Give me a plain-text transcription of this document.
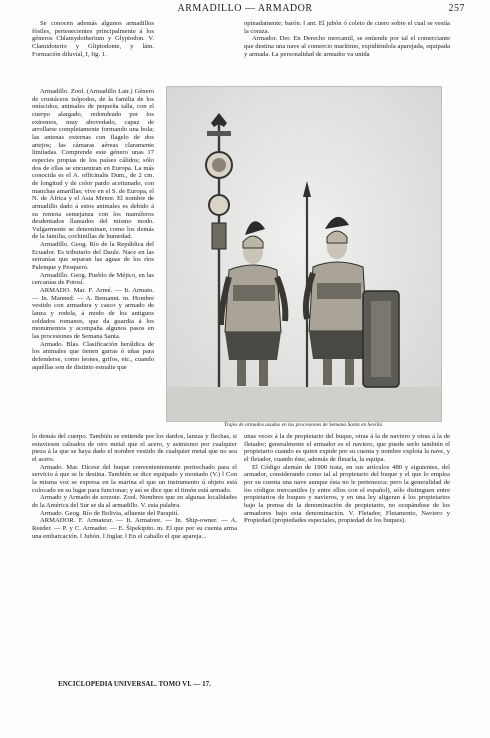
ARMADILLO — ARMADOR	257

Se conocen además algunos armadillos fósiles, pertenecientes principalmente á los géneros Chlamydotherium y Glyptodon. V. Clamidoterio y Gliptodonte, y lám. Formación diluvial, I, fig. 1.

Armadillo. Zool. (Armadillo Latr.) Género de crustáceos isópodos, de la familia de los oníscidos; animales de pequeña talla, con el cuerpo alargado, redondeado por los extremos, muy abovedado, capaz de arrollarse completamente formando una bola; las antenas externas con flagelo de dos artejos; las cámaras aéreas claramente limitadas. Comprende este género unas 17 especies propias de los países cálidos; sólo dos de ellas se encuentran en Europa. La más conocida es el A. officinalis Dum., de 2 cm. de longitud y de color pardo aceitunado, con manchas amarillas; vive en el S. de Europa, el N. de África y el Asia Menor. El nombre de armadillo dado á estos animales es debido á su remota semejanza con los mamíferos desdentados llamados del mismo modo. Vulgarmente se denominan, como los demás de la familia, cochinillas de humedad.

Armadillo. Geog. Río de la República del Ecuador. Es tributario del Daule. Nace en las serranías que separan las aguas de los ríos Palenque y Pesquero.

Armadillo. Geog. Pueblo de Méjico, en las cercanías de Potosí.

ARMADO. Mar. F. Armé. — It. Armato. — In. Manned. — A. Bemannt. m. Hombre vestido con armadura y casco y armado de lanza y rodela, á modo de los antiguos soldados romanos, que da guardia á los monumentos y acompaña algunos pasos en las procesiones de Semana Santa.

Armado. Blas. Clasificación heráldica de los animales que tienen garras ó uñas para defenderse, como leones, grifos, etc., cuando aquéllas son de distinto esmalte que

opinadamente; barón. ‖ ant. El jubón ó coleto de cuero sobre el cual se vestía la coraza.

Armador. Der. En Derecho mercantil, se entiende por tal el comerciante que destina una nave al comercio marítimo, expidiéndola aparejada, equipada y armada. La personalidad de armador va unida

Trajes de armados usados en las procesiones de Semana Santa en Sevilla

lo demás del cuerpo. También se entiende por los dardos, lanzas y flechas, si estuviesen calzados de otro metal que el acero, y asimismo por cualquier pieza á la que se haya dado el nombre vestido de cualquier metal que no sea el acero.

Armado. Mar. Dícese del buque convenientemente pertrechado para el servicio á que se le destina. También se dice equipado y montado (V.) ‖ Con la misma voz se expresa en la marina el que un instrumento ú objeto está colocado en su lugar para funcionar; y así se dice que el timón está armado.

Armado y Armado de zorzote. Zool. Nombres que en algunas localidades de la América del Sur se da al armadillo. V. esta palabra.

Armado. Geog. Río de Bolivia, afluente del Parapití.

ARMADOR. F. Armateur. — It. Armatore. — In. Ship-owner. — A. Reeder. — P. y C. Armador. — E. Ŝipekipito. m. El que por su cuenta arma una embarcación. ‖ Jubón. ‖ Juglar. ‖ En el caballo el que apareja...

unas veces á la de propietario del buque, otras á la de naviero y otras á la de fletador; generalmente el armador es el naviero, que puede serlo también el propietario cuando es quien expide por su cuenta y nombre explota la nave, y el fletador, cuando éste, además de fletarla, la equipa.

El Código alemán de 1900 trata, en sus artículos 480 y siguientes, del armador, considerando como tal al propietario del buque y el que lo emplea por su cuenta una nave aunque ésta no le pertenezca; pero la generalidad de los códigos mercantiles (y entre ellos con el español), sólo distinguen entre propietarios de buques y navieros, y en una ley aligeran á los propietarios bajo la prensa de la denominación de propietario, no ocupándose de los armadores bajo esta denominación. V. Fletador, Fletamento, Naviero y Propiedad (propiedades especiales, propiedad de los buques).

ENCICLOPEDIA UNIVERSAL. TOMO VI. — 17.
